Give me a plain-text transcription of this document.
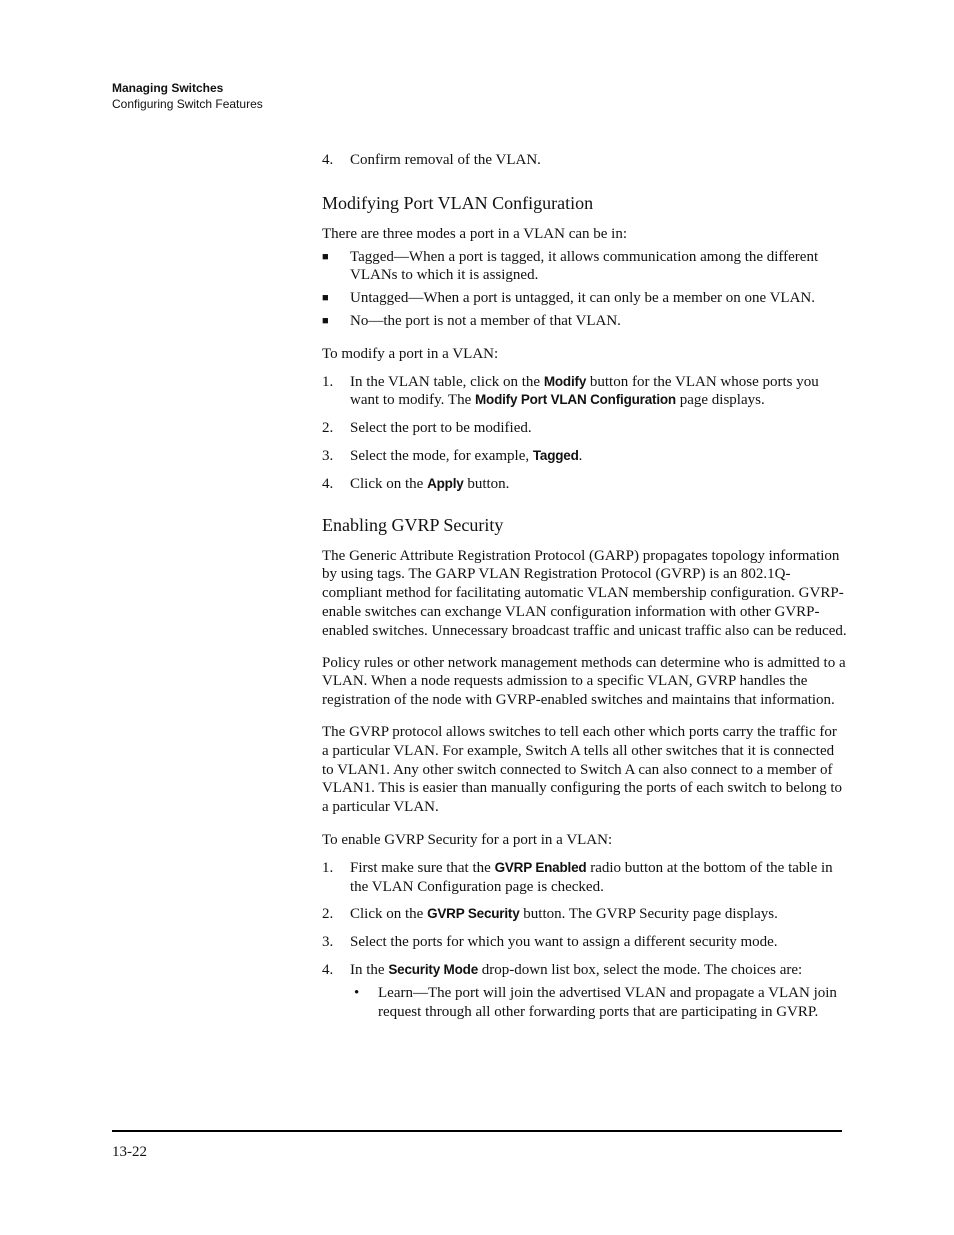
Managing Switches
Configuring Switch Features
4. Confirm removal of the VLAN.
Modifying Port VLAN Configuration

There are three modes a port in a VLAN can be in:

■ Tagged—When a port is tagged, it allows communication among the different VLANs to which it is assigned.
■ Untagged—When a port is untagged, it can only be a member on one VLAN.
■ No—the port is not a member of that VLAN.

To modify a port in a VLAN:

1. In the VLAN table, click on the Modify button for the VLAN whose ports you want to modify. The Modify Port VLAN Configuration page displays.
2. Select the port to be modified.
3. Select the mode, for example, Tagged.
4. Click on the Apply button.
Enabling GVRP Security

The Generic Attribute Registration Protocol (GARP) propagates topology information by using tags. The GARP VLAN Registration Protocol (GVRP) is an 802.1Q-compliant method for facilitating automatic VLAN membership configuration. GVRP-enable switches can exchange VLAN configuration information with other GVRP-enabled switches. Unnecessary broadcast traffic and unicast traffic also can be reduced.

Policy rules or other network management methods can determine who is admitted to a VLAN. When a node requests admission to a specific VLAN, GVRP handles the registration of the node with GVRP-enabled switches and maintains that information.

The GVRP protocol allows switches to tell each other which ports carry the traffic for a particular VLAN. For example, Switch A tells all other switches that it is connected to VLAN1. Any other switch connected to Switch A can also connect to a member of VLAN1. This is easier than manually configuring the ports of each switch to belong to a particular VLAN.

To enable GVRP Security for a port in a VLAN:

1. First make sure that the GVRP Enabled radio button at the bottom of the table in the VLAN Configuration page is checked.
2. Click on the GVRP Security button. The GVRP Security page displays.
3. Select the ports for which you want to assign a different security mode.
4. In the Security Mode drop-down list box, select the mode. The choices are:
• Learn—The port will join the advertised VLAN and propagate a VLAN join request through all other forwarding ports that are participating in GVRP.
13-22
